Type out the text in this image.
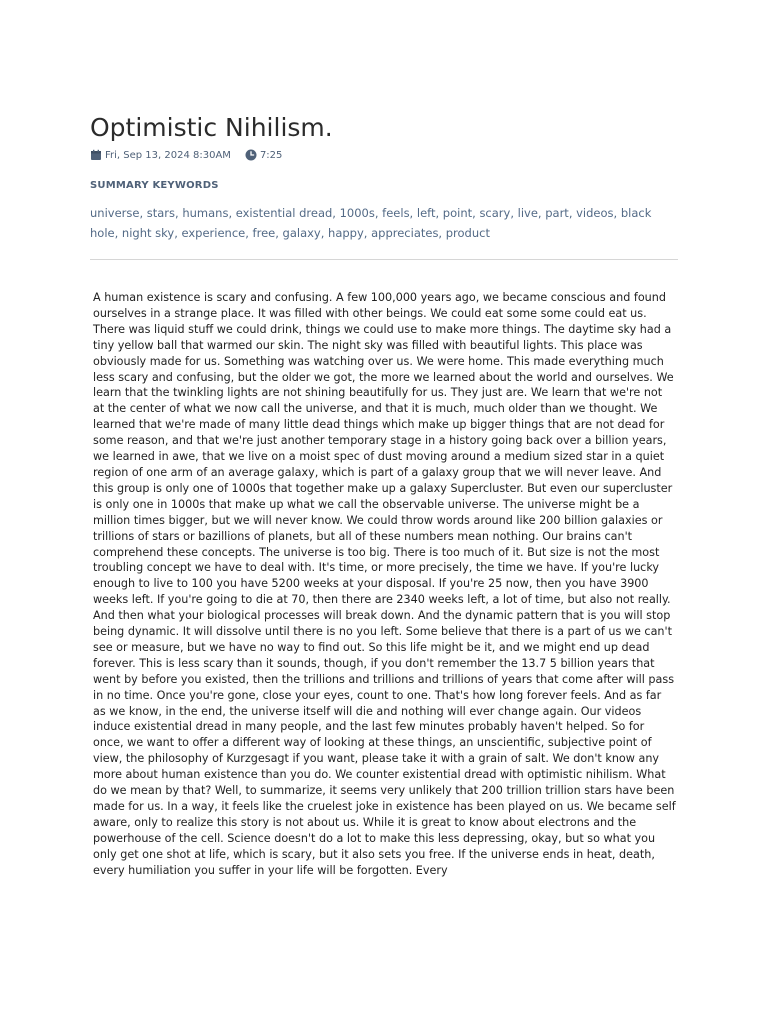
Optimistic Nihilism.
Fri, Sep 13, 2024 8:30AM	7:25
SUMMARY KEYWORDS

universe, stars, humans, existential dread, 1000s, feels, left, point, scary, live, part, videos, black hole, night sky, experience, free, galaxy, happy, appreciates, product

A human existence is scary and confusing. A few 100,000 years ago, we became conscious and found ourselves in a strange place. It was filled with other beings. We could eat some some could eat us. There was liquid stuff we could drink, things we could use to make more things. The daytime sky had a tiny yellow ball that warmed our skin. The night sky was filled with beautiful lights. This place was obviously made for us. Something was watching over us. We were home. This made everything much less scary and confusing, but the older we got, the more we learned about the world and ourselves. We learn that the twinkling lights are not shining beautifully for us. They just are. We learn that we're not at the center of what we now call the universe, and that it is much, much older than we thought. We learned that we're made of many little dead things which make up bigger things that are not dead for some reason, and that we're just another temporary stage in a history going back over a billion years, we learned in awe, that we live on a moist spec of dust moving around a medium sized star in a quiet region of one arm of an average galaxy, which is part of a galaxy group that we will never leave. And this group is only one of 1000s that together make up a galaxy Supercluster. But even our supercluster is only one in 1000s that make up what we call the observable universe. The universe might be a million times bigger, but we will never know. We could throw words around like 200 billion galaxies or trillions of stars or bazillions of planets, but all of these numbers mean nothing. Our brains can't comprehend these concepts. The universe is too big. There is too much of it. But size is not the most troubling concept we have to deal with. It's time, or more precisely, the time we have. If you're lucky enough to live to 100 you have 5200 weeks at your disposal. If you're 25 now, then you have 3900 weeks left. If you're going to die at 70, then there are 2340 weeks left, a lot of time, but also not really. And then what your biological processes will break down. And the dynamic pattern that is you will stop being dynamic. It will dissolve until there is no you left. Some believe that there is a part of us we can't see or measure, but we have no way to find out. So this life might be it, and we might end up dead forever. This is less scary than it sounds, though, if you don't remember the 13.7 5 billion years that went by before you existed, then the trillions and trillions and trillions of years that come after will pass in no time. Once you're gone, close your eyes, count to one. That's how long forever feels. And as far as we know, in the end, the universe itself will die and nothing will ever change again. Our videos induce existential dread in many people, and the last few minutes probably haven't helped. So for once, we want to offer a different way of looking at these things, an unscientific, subjective point of view, the philosophy of Kurzgesagt if you want, please take it with a grain of salt. We don't know any more about human existence than you do. We counter existential dread with optimistic nihilism. What do we mean by that? Well, to summarize, it seems very unlikely that 200 trillion trillion stars have been made for us. In a way, it feels like the cruelest joke in existence has been played on us. We became self aware, only to realize this story is not about us. While it is great to know about electrons and the powerhouse of the cell. Science doesn't do a lot to make this less depressing, okay, but so what you only get one shot at life, which is scary, but it also sets you free. If the universe ends in heat, death, every humiliation you suffer in your life will be forgotten. Every
